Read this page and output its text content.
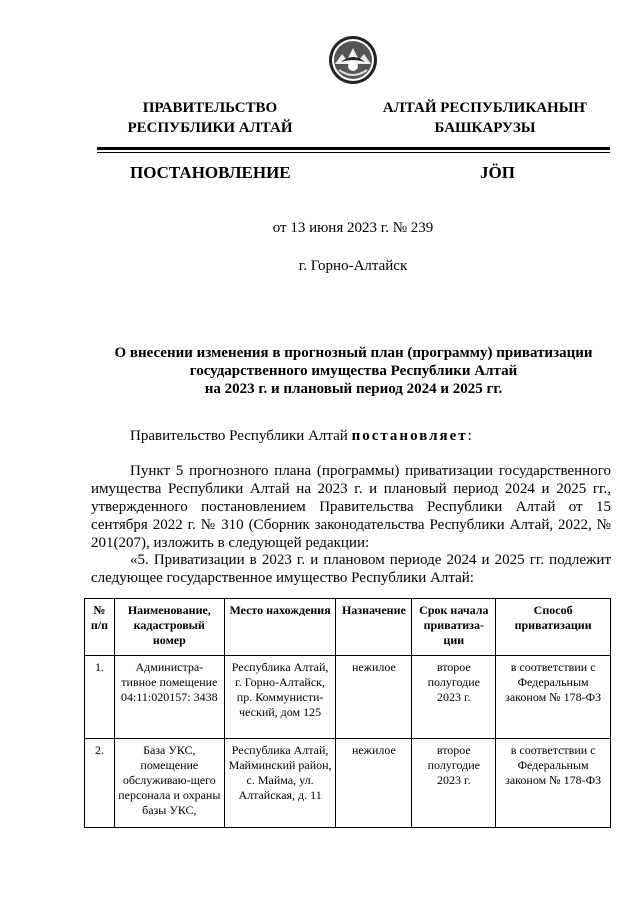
ПРАВИТЕЛЬСТВО
РЕСПУБЛИКИ АЛТАЙ
АЛТАЙ РЕСПУБЛИКАНЫҤ
БАШКАРУЗЫ
ПОСТАНОВЛЕНИЕ	JÖП
от 13 июня 2023 г. № 239
г. Горно-Алтайск
О внесении изменения в прогнозный план (программу) приватизации
государственного имущества Республики Алтай
на 2023 г. и плановый период 2024 и 2025 гг.
Правительство Республики Алтай постановляет:
Пункт 5 прогнозного плана (программы) приватизации государственного имущества Республики Алтай на 2023 г. и плановый период 2024 и 2025 гг., утвержденного постановлением Правительства Республики Алтай от 15 сентября 2022 г. № 310 (Сборник законодательства Республики Алтай, 2022, № 201(207), изложить в следующей редакции:
«5. Приватизации в 2023 г. и плановом периоде 2024 и 2025 гг. подлежит следующее государственное имущество Республики Алтай:
№ п/п	Наименование, кадастровый номер	Место нахождения	Назначение	Срок начала приватиза-ции	Способ приватизации
1.	Администра-тивное помещение 04:11:020157: 3438	Республика Алтай, г. Горно-Алтайск, пр. Коммунисти-ческий, дом 125	нежилое	второе полугодие 2023 г.	в соответствии с Федеральным законом № 178-ФЗ
2.	База УКС, помещение обслуживаю-щего персонала и охраны базы УКС,	Республика Алтай, Майминский район, с. Майма, ул. Алтайская, д. 11	нежилое	второе полугодие 2023 г.	в соответствии с Федеральным законом № 178-ФЗ
